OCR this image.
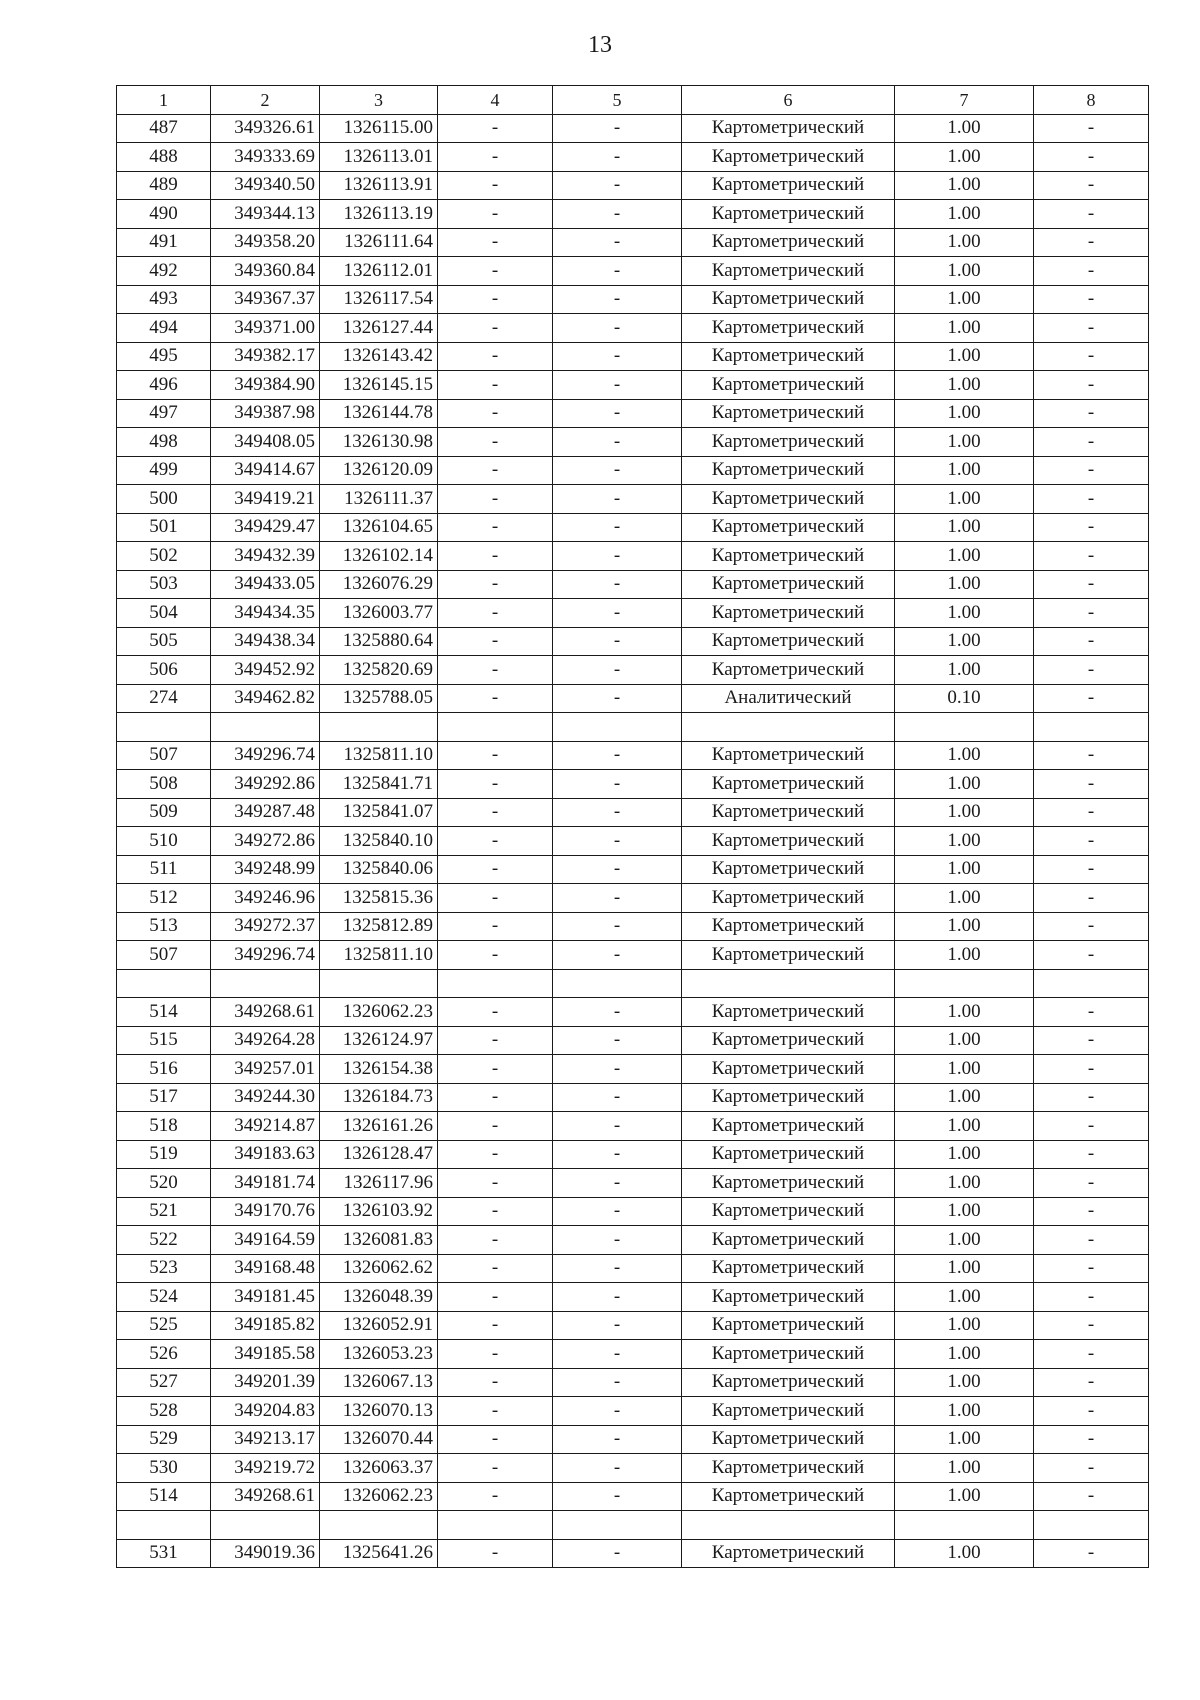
13
1	2	3	4	5	6	7	8
487	349326.61	1326115.00	-	-	Картометрический	1.00	-
488	349333.69	1326113.01	-	-	Картометрический	1.00	-
489	349340.50	1326113.91	-	-	Картометрический	1.00	-
490	349344.13	1326113.19	-	-	Картометрический	1.00	-
491	349358.20	1326111.64	-	-	Картометрический	1.00	-
492	349360.84	1326112.01	-	-	Картометрический	1.00	-
493	349367.37	1326117.54	-	-	Картометрический	1.00	-
494	349371.00	1326127.44	-	-	Картометрический	1.00	-
495	349382.17	1326143.42	-	-	Картометрический	1.00	-
496	349384.90	1326145.15	-	-	Картометрический	1.00	-
497	349387.98	1326144.78	-	-	Картометрический	1.00	-
498	349408.05	1326130.98	-	-	Картометрический	1.00	-
499	349414.67	1326120.09	-	-	Картометрический	1.00	-
500	349419.21	1326111.37	-	-	Картометрический	1.00	-
501	349429.47	1326104.65	-	-	Картометрический	1.00	-
502	349432.39	1326102.14	-	-	Картометрический	1.00	-
503	349433.05	1326076.29	-	-	Картометрический	1.00	-
504	349434.35	1326003.77	-	-	Картометрический	1.00	-
505	349438.34	1325880.64	-	-	Картометрический	1.00	-
506	349452.92	1325820.69	-	-	Картометрический	1.00	-
274	349462.82	1325788.05	-	-	Аналитический	0.10	-

507	349296.74	1325811.10	-	-	Картометрический	1.00	-
508	349292.86	1325841.71	-	-	Картометрический	1.00	-
509	349287.48	1325841.07	-	-	Картометрический	1.00	-
510	349272.86	1325840.10	-	-	Картометрический	1.00	-
511	349248.99	1325840.06	-	-	Картометрический	1.00	-
512	349246.96	1325815.36	-	-	Картометрический	1.00	-
513	349272.37	1325812.89	-	-	Картометрический	1.00	-
507	349296.74	1325811.10	-	-	Картометрический	1.00	-

514	349268.61	1326062.23	-	-	Картометрический	1.00	-
515	349264.28	1326124.97	-	-	Картометрический	1.00	-
516	349257.01	1326154.38	-	-	Картометрический	1.00	-
517	349244.30	1326184.73	-	-	Картометрический	1.00	-
518	349214.87	1326161.26	-	-	Картометрический	1.00	-
519	349183.63	1326128.47	-	-	Картометрический	1.00	-
520	349181.74	1326117.96	-	-	Картометрический	1.00	-
521	349170.76	1326103.92	-	-	Картометрический	1.00	-
522	349164.59	1326081.83	-	-	Картометрический	1.00	-
523	349168.48	1326062.62	-	-	Картометрический	1.00	-
524	349181.45	1326048.39	-	-	Картометрический	1.00	-
525	349185.82	1326052.91	-	-	Картометрический	1.00	-
526	349185.58	1326053.23	-	-	Картометрический	1.00	-
527	349201.39	1326067.13	-	-	Картометрический	1.00	-
528	349204.83	1326070.13	-	-	Картометрический	1.00	-
529	349213.17	1326070.44	-	-	Картометрический	1.00	-
530	349219.72	1326063.37	-	-	Картометрический	1.00	-
514	349268.61	1326062.23	-	-	Картометрический	1.00	-

531	349019.36	1325641.26	-	-	Картометрический	1.00	-
